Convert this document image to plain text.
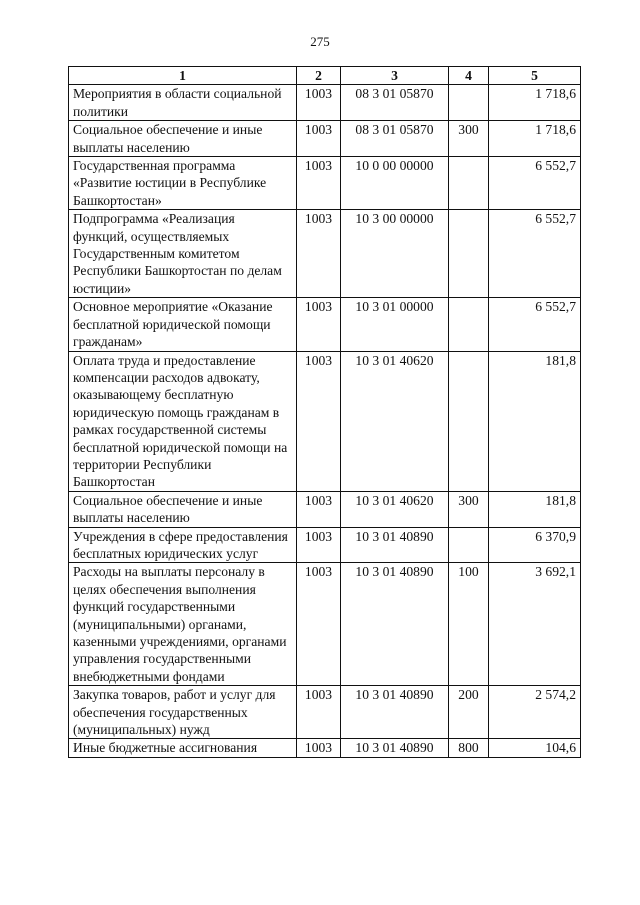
275
1	2	3	4	5
Мероприятия в области социальной политики	1003	08 3 01 05870		1 718,6
Социальное обеспечение и иные выплаты населению	1003	08 3 01 05870	300	1 718,6
Государственная программа «Развитие юстиции в Республике Башкортостан»	1003	10 0 00 00000		6 552,7
Подпрограмма «Реализация функций, осуществляемых Государственным комитетом Республики Башкортостан по делам юстиции»	1003	10 3 00 00000		6 552,7
Основное мероприятие «Оказание бесплатной юридической помощи гражданам»	1003	10 3 01 00000		6 552,7
Оплата труда и предоставление компенсации расходов адвокату, оказывающему бесплатную юридическую помощь гражданам в рамках государственной системы бесплатной юридической помощи на территории Республики Башкортостан	1003	10 3 01 40620		181,8
Социальное обеспечение и иные выплаты населению	1003	10 3 01 40620	300	181,8
Учреждения в сфере предоставления бесплатных юридических услуг	1003	10 3 01 40890		6 370,9
Расходы на выплаты персоналу в целях обеспечения выполнения функций государственными (муниципальными) органами, казенными учреждениями, органами управления государственными внебюджетными фондами	1003	10 3 01 40890	100	3 692,1
Закупка товаров, работ и услуг для обеспечения государственных (муниципальных) нужд	1003	10 3 01 40890	200	2 574,2
Иные бюджетные ассигнования	1003	10 3 01 40890	800	104,6
